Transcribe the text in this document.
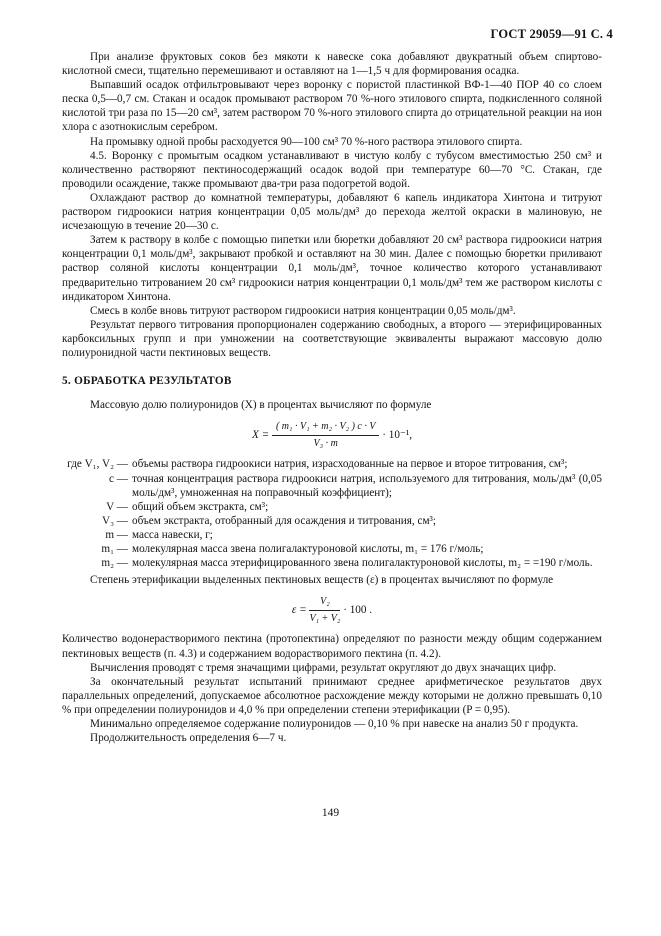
ГОСТ 29059—91 С. 4

При анализе фруктовых соков без мякоти к навеске сока добавляют двукратный объем спиртово-кислотной смеси, тщательно перемешивают и оставляют на 1—1,5 ч для формирования осадка.

Выпавший осадок отфильтровывают через воронку с пористой пластинкой ВФ-1—40 ПОР 40 со слоем песка 0,5—0,7 см. Стакан и осадок промывают раствором 70 %-ного этилового спирта, подкисленного соляной кислотой три раза по 15—20 см³, затем раствором 70 %-ного этилового спирта до отрицательной реакции на ион хлора с азотнокислым серебром.

На промывку одной пробы расходуется 90—100 см³ 70 %-ного раствора этилового спирта.

4.5. Воронку с промытым осадком устанавливают в чистую колбу с тубусом вместимостью 250 см³ и количественно растворяют пектиносодержащий осадок водой при температуре 60—70 °С. Стакан, где проводили осаждение, также промывают два-три раза подогретой водой.

Охлаждают раствор до комнатной температуры, добавляют 6 капель индикатора Хинтона и титруют раствором гидроокиси натрия концентрации 0,05 моль/дм³ до перехода желтой окраски в малиновую, не исчезающую в течение 20—30 с.

Затем к раствору в колбе с помощью пипетки или бюретки добавляют 20 см³ раствора гидроокиси натрия концентрации 0,1 моль/дм³, закрывают пробкой и оставляют на 30 мин. Далее с помощью бюретки приливают раствор соляной кислоты концентрации 0,1 моль/дм³, точное количество которого устанавливают предварительно титрованием 20 см³ гидроокиси натрия концентрации 0,1 моль/дм³ тем же раствором кислоты с индикатором Хинтона.

Смесь в колбе вновь титруют раствором гидроокиси натрия концентрации 0,05 моль/дм³.

Результат первого титрования пропорционален содержанию свободных, а второго — этерифицированных карбоксильных групп и при умножении на соответствующие эквиваленты выражают массовую долю полиуронидной части пектиновых веществ.

5. ОБРАБОТКА РЕЗУЛЬТАТОВ

Массовую долю полиуронидов (X) в процентах вычисляют по формуле

$X = \frac{\text{( m₁ · V₁ + m₂ · V₂ ) c · V}}{\text{V₃ · m}} \cdot 10^{-1}$,
где V₁, V₂ —	объемы раствора гидроокиси натрия, израсходованные на первое и второе титрования, см³;
c —	точная концентрация раствора гидроокиси натрия, используемого для титрования, моль/дм³ (0,05 моль/дм³, умноженная на поправочный коэффициент);
V —	общий объем экстракта, см³;
V₃ —	объем экстракта, отобранный для осаждения и титрования, см³;
m —	масса навески, г;
m₁ —	молекулярная масса звена полигалактуроновой кислоты, m₁ = 176 г/моль;
m₂ —	молекулярная масса этерифицированного звена полигалактуроновой кислоты, m₂ = =190 г/моль.

Степень этерификации выделенных пектиновых веществ (ε) в процентах вычисляют по формуле

$\varepsilon = \frac{\text{V₂}}{\text{V₁ + V₂}} \cdot 100$ .

Количество водонерастворимого пектина (протопектина) определяют по разности между общим содержанием пектиновых веществ (п. 4.3) и содержанием водорастворимого пектина (п. 4.2).

Вычисления проводят с тремя значащими цифрами, результат округляют до двух значащих цифр.

За окончательный результат испытаний принимают среднее арифметическое результатов двух параллельных определений, допускаемое абсолютное расхождение между которыми не должно превышать 0,10 % при определении полиуронидов и 4,0 % при определении степени этерификации (P = 0,95).

Минимально определяемое содержание полиуронидов — 0,10 % при навеске на анализ 50 г продукта.

Продолжительность определения 6—7 ч.

149
